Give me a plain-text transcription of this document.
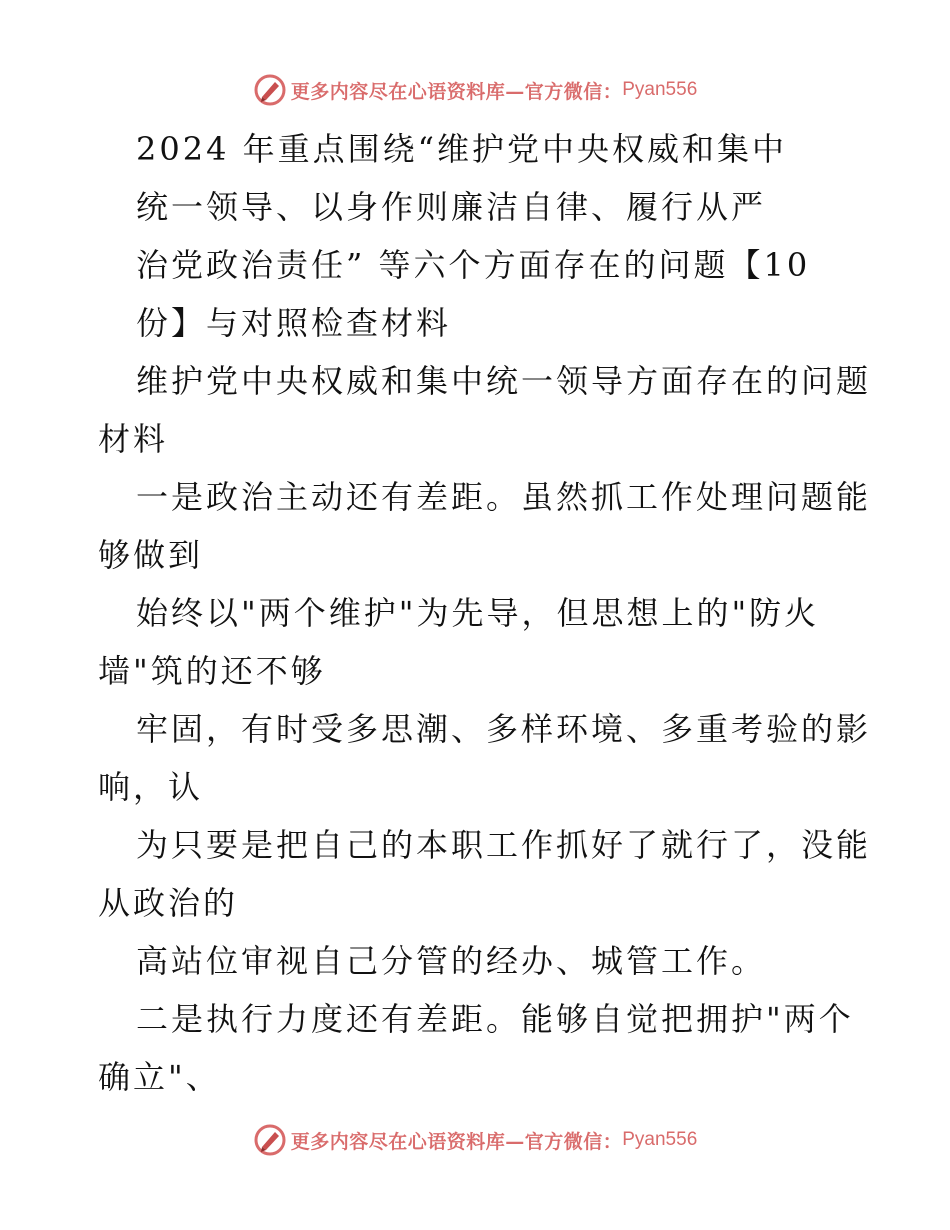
更多内容尽在心语资料库—官方微信： Pyan556
2024 年重点围绕“维护党中央权威和集中
统一领导、以身作则廉洁自律、履行从严
治党政治责任” 等六个方面存在的问题【10
份】与对照检查材料
维护党中央权威和集中统一领导方面存在的问题
材料
一是政治主动还有差距。虽然抓工作处理问题能
够做到
始终以"两个维护"为先导，但思想上的"防火
墙"筑的还不够
牢固，有时受多思潮、多样环境、多重考验的影
响，认
为只要是把自己的本职工作抓好了就行了，没能
从政治的
高站位审视自己分管的经办、城管工作。
二是执行力度还有差距。能够自觉把拥护"两个
确立"、
更多内容尽在心语资料库—官方微信： Pyan556
